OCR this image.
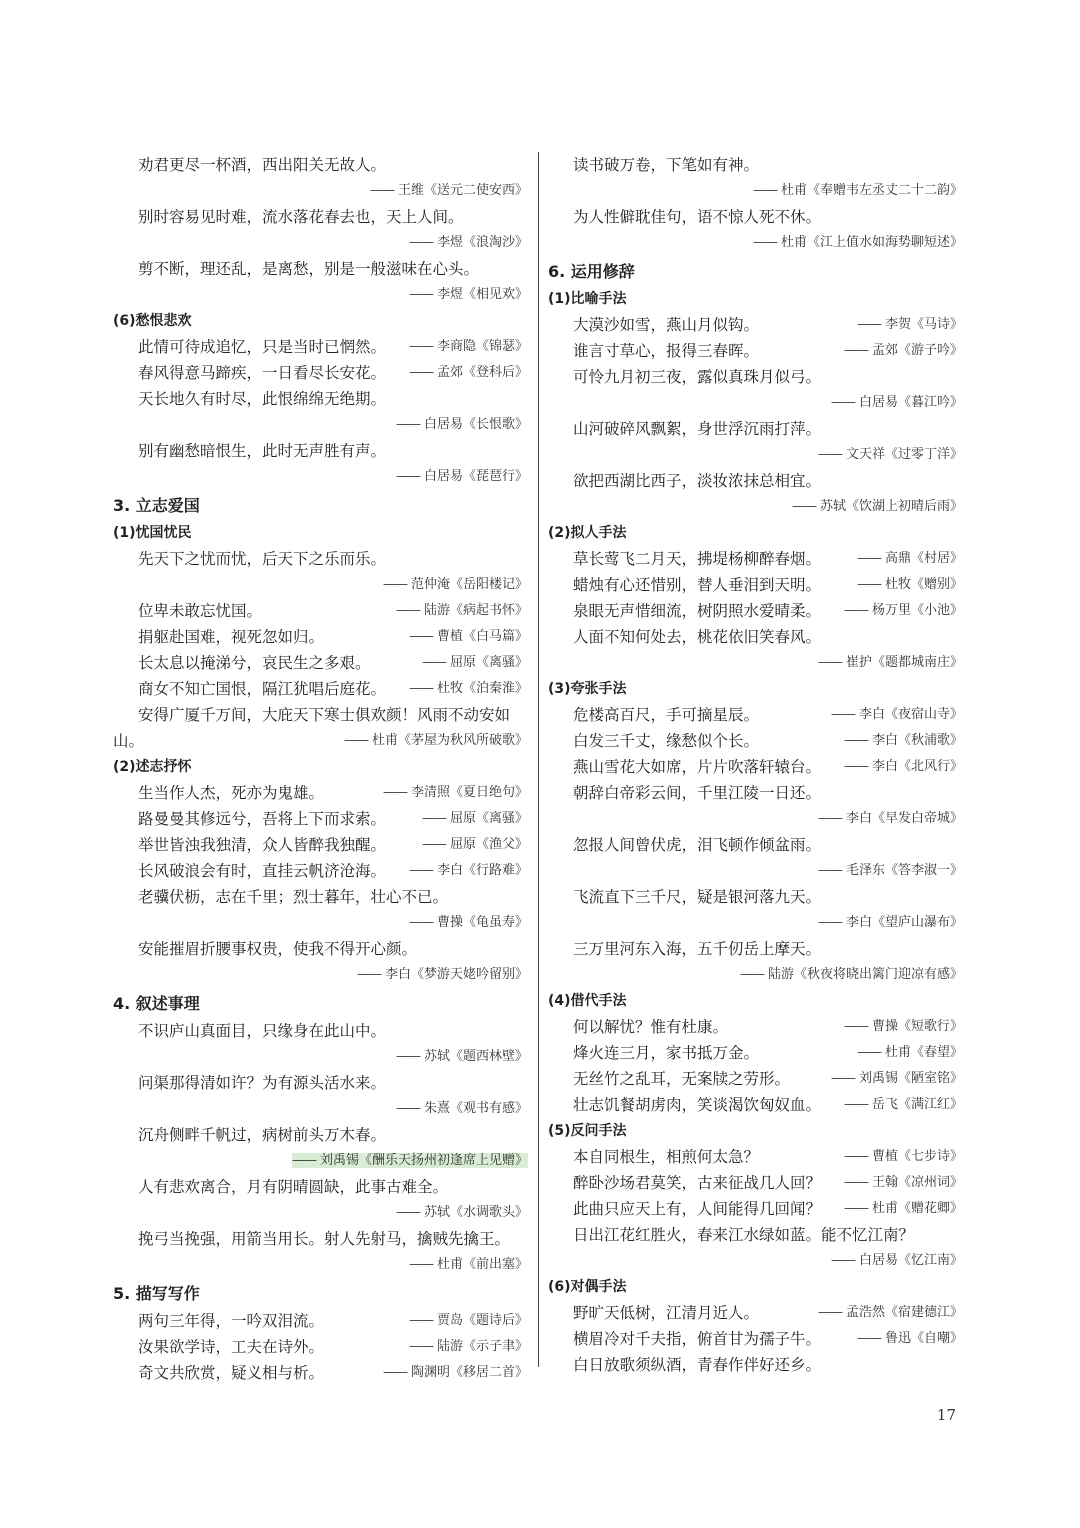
劝君更尽一杯酒，西出阳关无故人。
—— 王维《送元二使安西》
别时容易见时难，流水落花春去也，天上人间。
—— 李煜《浪淘沙》
剪不断，理还乱，是离愁，别是一般滋味在心头。
—— 李煜《相见欢》
(6)愁恨悲欢
此情可待成追忆，只是当时已惘然。 —— 李商隐《锦瑟》
春风得意马蹄疾，一日看尽长安花。 —— 孟郊《登科后》
天长地久有时尽，此恨绵绵无绝期。
—— 白居易《长恨歌》
别有幽愁暗恨生，此时无声胜有声。
—— 白居易《琵琶行》
3. 立志爱国
(1)忧国忧民
先天下之忧而忧，后天下之乐而乐。
—— 范仲淹《岳阳楼记》
位卑未敢忘忧国。	—— 陆游《病起书怀》
捐躯赴国难，视死忽如归。	—— 曹植《白马篇》
长太息以掩涕兮，哀民生之多艰。	—— 屈原《离骚》
商女不知亡国恨，隔江犹唱后庭花。 —— 杜牧《泊秦淮》
安得广厦千万间，大庇天下寒士俱欢颜！风雨不动安如
山。	—— 杜甫《茅屋为秋风所破歌》
(2)述志抒怀
生当作人杰，死亦为鬼雄。	—— 李清照《夏日绝句》
路曼曼其修远兮，吾将上下而求索。	—— 屈原《离骚》
举世皆浊我独清，众人皆醉我独醒。	—— 屈原《渔父》
长风破浪会有时，直挂云帆济沧海。 —— 李白《行路难》
老骥伏枥，志在千里；烈士暮年，壮心不已。
—— 曹操《龟虽寿》
安能摧眉折腰事权贵，使我不得开心颜。
—— 李白《梦游天姥吟留别》
4. 叙述事理
不识庐山真面目，只缘身在此山中。
—— 苏轼《题西林壁》
问渠那得清如许？为有源头活水来。
—— 朱熹《观书有感》
沉舟侧畔千帆过，病树前头万木春。
—— 刘禹锡《酬乐天扬州初逢席上见赠》
人有悲欢离合，月有阴晴圆缺，此事古难全。
—— 苏轼《水调歌头》
挽弓当挽强，用箭当用长。射人先射马，擒贼先擒王。
—— 杜甫《前出塞》
5. 描写写作
两句三年得，一吟双泪流。	—— 贾岛《题诗后》
汝果欲学诗，工夫在诗外。	—— 陆游《示子聿》
奇文共欣赏，疑义相与析。	—— 陶渊明《移居二首》
读书破万卷，下笔如有神。
—— 杜甫《奉赠韦左丞丈二十二韵》
为人性僻耽佳句，语不惊人死不休。
—— 杜甫《江上值水如海势聊短述》
6. 运用修辞
(1)比喻手法
大漠沙如雪，燕山月似钩。	—— 李贺《马诗》
谁言寸草心，报得三春晖。	—— 孟郊《游子吟》
可怜九月初三夜，露似真珠月似弓。
—— 白居易《暮江吟》
山河破碎风飘絮，身世浮沉雨打萍。
—— 文天祥《过零丁洋》
欲把西湖比西子，淡妆浓抹总相宜。
—— 苏轼《饮湖上初晴后雨》
(2)拟人手法
草长莺飞二月天，拂堤杨柳醉春烟。	—— 高鼎《村居》
蜡烛有心还惜别，替人垂泪到天明。	—— 杜牧《赠别》
泉眼无声惜细流，树阴照水爱晴柔。 —— 杨万里《小池》
人面不知何处去，桃花依旧笑春风。
—— 崔护《题都城南庄》
(3)夸张手法
危楼高百尺，手可摘星辰。	—— 李白《夜宿山寺》
白发三千丈，缘愁似个长。	—— 李白《秋浦歌》
燕山雪花大如席，片片吹落轩辕台。 —— 李白《北风行》
朝辞白帝彩云间，千里江陵一日还。
—— 李白《早发白帝城》
忽报人间曾伏虎，泪飞顿作倾盆雨。
—— 毛泽东《答李淑一》
飞流直下三千尺，疑是银河落九天。
—— 李白《望庐山瀑布》
三万里河东入海，五千仞岳上摩天。
—— 陆游《秋夜将晓出篱门迎凉有感》
(4)借代手法
何以解忧？惟有杜康。	—— 曹操《短歌行》
烽火连三月，家书抵万金。	—— 杜甫《春望》
无丝竹之乱耳，无案牍之劳形。	—— 刘禹锡《陋室铭》
壮志饥餐胡虏肉，笑谈渴饮匈奴血。 —— 岳飞《满江红》
(5)反问手法
本自同根生，相煎何太急？	—— 曹植《七步诗》
醉卧沙场君莫笑，古来征战几人回？ —— 王翰《凉州词》
此曲只应天上有，人间能得几回闻？ —— 杜甫《赠花卿》
日出江花红胜火，春来江水绿如蓝。能不忆江南？
—— 白居易《忆江南》
(6)对偶手法
野旷天低树，江清月近人。	—— 孟浩然《宿建德江》
横眉冷对千夫指，俯首甘为孺子牛。	—— 鲁迅《自嘲》
白日放歌须纵酒，青春作伴好还乡。
17
